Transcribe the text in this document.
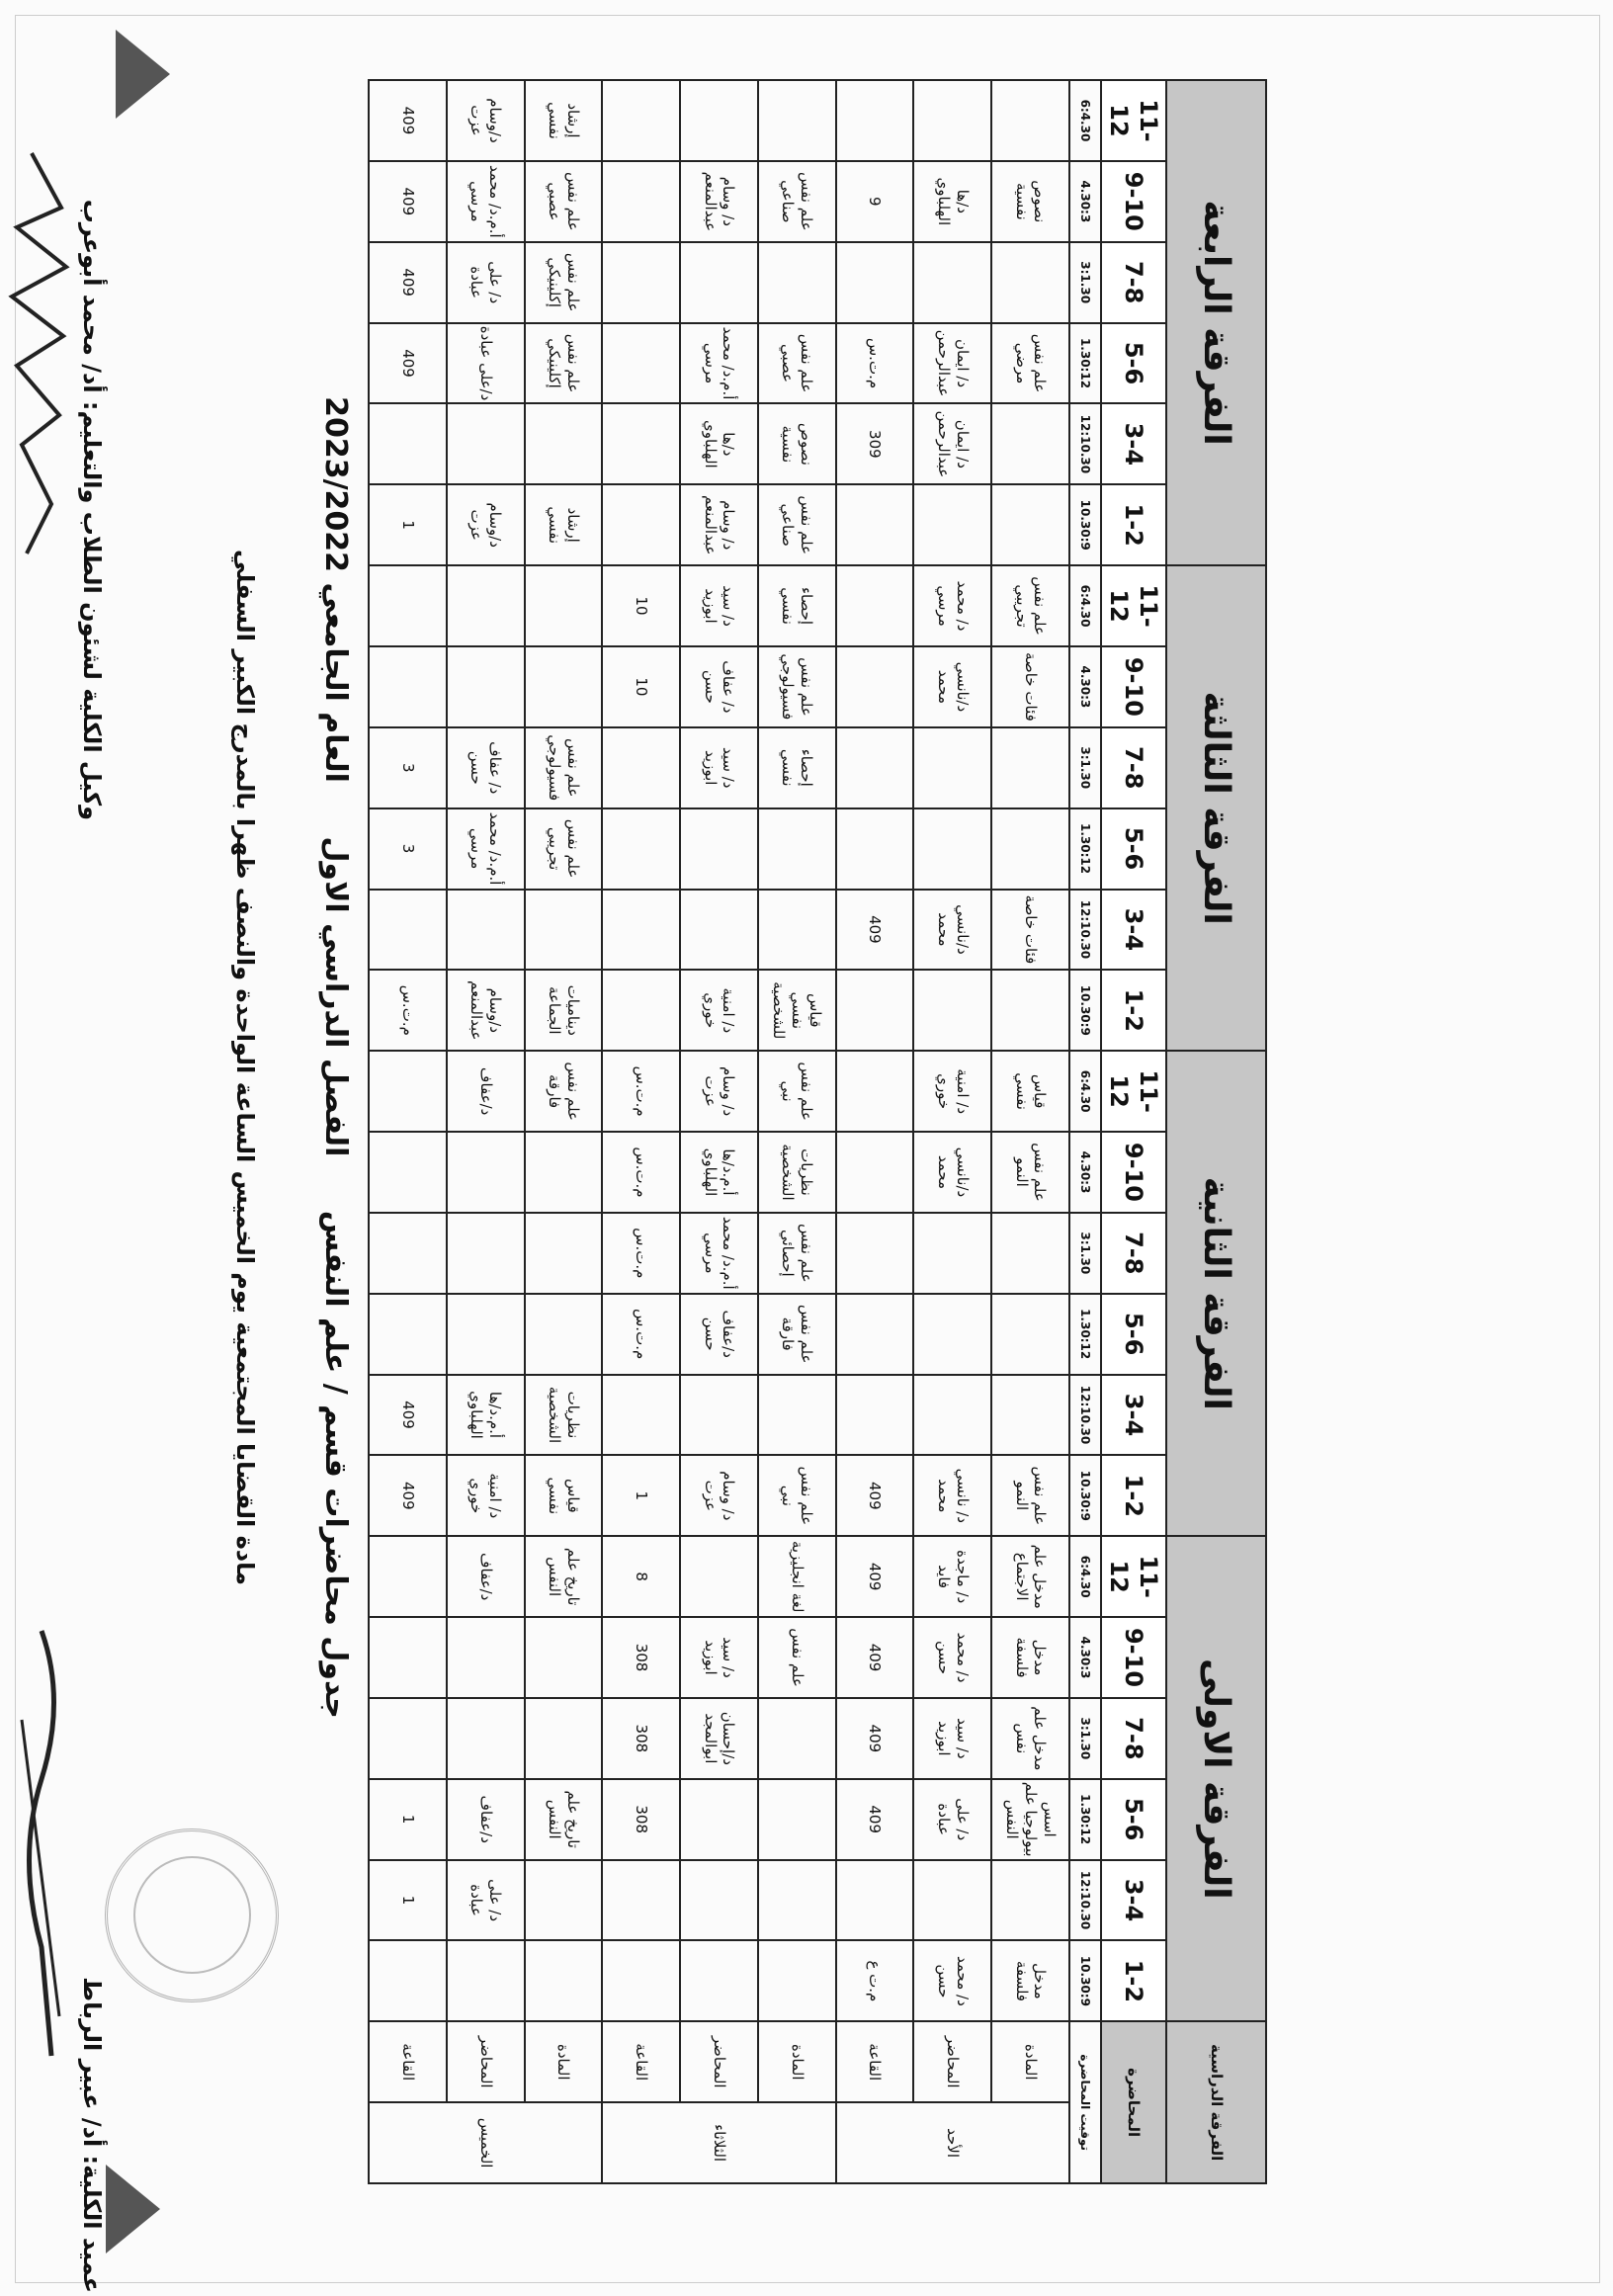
جدول محاضرات قسم / علم النفس الفصل الدراسي الاول العام الجامعي 2023/2022
الفرقة الدراسية		الفرقة الاولى						الفرقة الثانية						الفرقة الثالثة						الفرقة الرابعة					
المحاضرة		1-2	3-4	5-6	7-8	9-10	11-12	1-2	3-4	5-6	7-8	9-10	11-12	1-2	3-4	5-6	7-8	9-10	11-12	1-2	3-4	5-6	7-8	9-10	11-12
توقيت المحاضرة		10.30:9	12:10.30	1.30:12	3:1.30	4.30:3	6:4.30	10.30:9	12:10.30	1.30:12	3:1.30	4.30:3	6:4.30	10.30:9	12:10.30	1.30:12	3:1.30	4.30:3	6:4.30	10.30:9	12:10.30	1.30:12	3:1.30	4.30:3	6:4.30
الأحد	المادة	مدخل فلسفة		اسس بيولوجيا علم النفس	مدخل علم نفس	مدخل فلسفة	مدخل علم الاجتماع	علم نفس النمو				علم نفس النمو	قياس نفسي		فئات خاصة			فئات خاصة	علم نفس تجريبي			علم نفس مرضي		نصوص نفسية	
	المحاضر	د/ محمد حسن		د/ على عبادة	د/ سيد ابوزيد	د/ محمد حسن	د/ ماجدة فايد	د/ نانسي محمد				د/نانسي محمد	د/ امنية خوري		د/نانسي محمد			د/نانسي محمد	د/ محمد مرسي		د/ ايمان عبدالرحمن	د/ ايمان عبدالرحمن		د/ها الهلباوي	
	القاعة	م.ت ع		409	409	409	409	409							409						309	م.ت.س		9	
الثلاثاء	المادة					علم نفس	لغة انجليزية	علم نفس نبي		علم نفس فارقة	علم نفس إحصائي	نظريات الشخصية	علم نفس نبي	قياس نفسي للشخصية			إحصاء نفسي	علم نفس فسيولوجي	إحصاء نفسي	علم نفس صناعي	نصوص نفسية	علم نفس عصبي		علم نفس صناعي	
	المحاضر				د/إحسان ابوالمجد	د/ سيد ابوزيد		د/ وسام عزت		د/عفاف حسن	أ.م.د/ محمد مرسي	أ.م.د/ها الهلباوي	د/ وسام عزت	د/ امنية خوري			د/ سيد ابوزيد	د/ عفاف حسن	د/ سيد ابوزيد	د/ وسام عبدالمنعم	د/ها الهلباوي	أ.م.د/ محمد مرسي		د/ وسام عبدالمنعم	
	القاعة			308	308	308	8	1		م.ت.س	م.ت.س	م.ت.س	م.ت.س					10	10						
الخميس	المادة			تاريخ علم النفس			تاريخ علم النفس	قياس نفسي	نظريات الشخصية				علم نفس فارقة	ديناميات الجماعة		علم نفس تجريبي	علم نفس فسيولوجي			إرشاد نفسي		علم نفس إكلينيكي	علم نفس إكلينيكي	علم نفس عصبي	إرشاد نفسي
	المحاضر		د/ على عبادة	د/عفاف			د/عفاف	د/ امنية خوري	أ.م.د/ها الهلباوي				د/عفاف	د/وسام عبدالمنعم		أ.م.د/ محمد مرسي	د/ عفاف حسن			د/وسام عزت		د/على عبادة	د/ على عبادة	أ.م.د/ محمد مرسي	د/وسام عزت
	القاعة		1	1				409	409					م.ت.س		3	3			1		409	409	409	409
مادة القضايا المجتمعية يوم الخميس الساعة الواحدة والنصف ظهرا بالمدرج الكبير السفلي
وكيل الكلية لشئون الطلاب والتعليم: أد/ محمد أبوعرب
عميد الكلية: أد/ عبير الرباط
